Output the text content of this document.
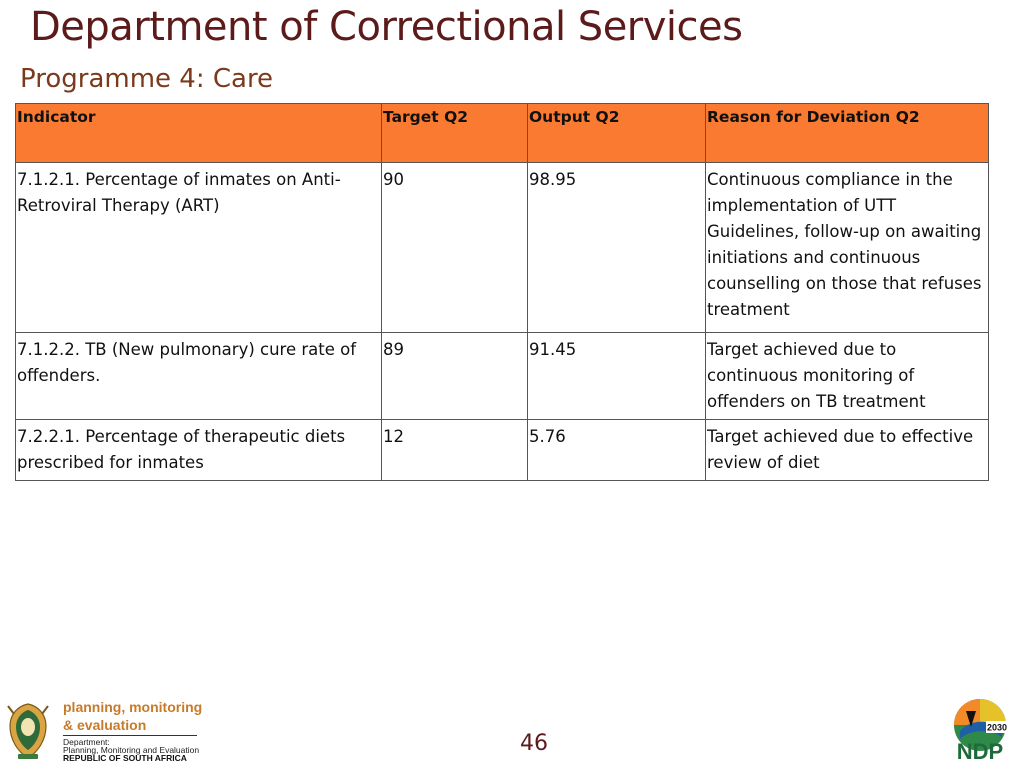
Department of Correctional Services
Programme 4: Care
Indicator	Target Q2	Output Q2	Reason for Deviation Q2
7.1.2.1. Percentage of inmates on Anti-Retroviral Therapy (ART)	90	98.95	Continuous compliance in the implementation of UTT Guidelines, follow-up on awaiting initiations and continuous counselling on those that refuses treatment
7.1.2.2. TB (New pulmonary) cure rate of offenders.	89	91.45	Target achieved due to continuous monitoring of offenders on TB treatment
7.2.2.1. Percentage of therapeutic diets prescribed for inmates	12	5.76	Target achieved due to effective review of diet
46
planning, monitoring
& evaluation
Department:
Planning, Monitoring and Evaluation
REPUBLIC OF SOUTH AFRICA
2030
NDP
